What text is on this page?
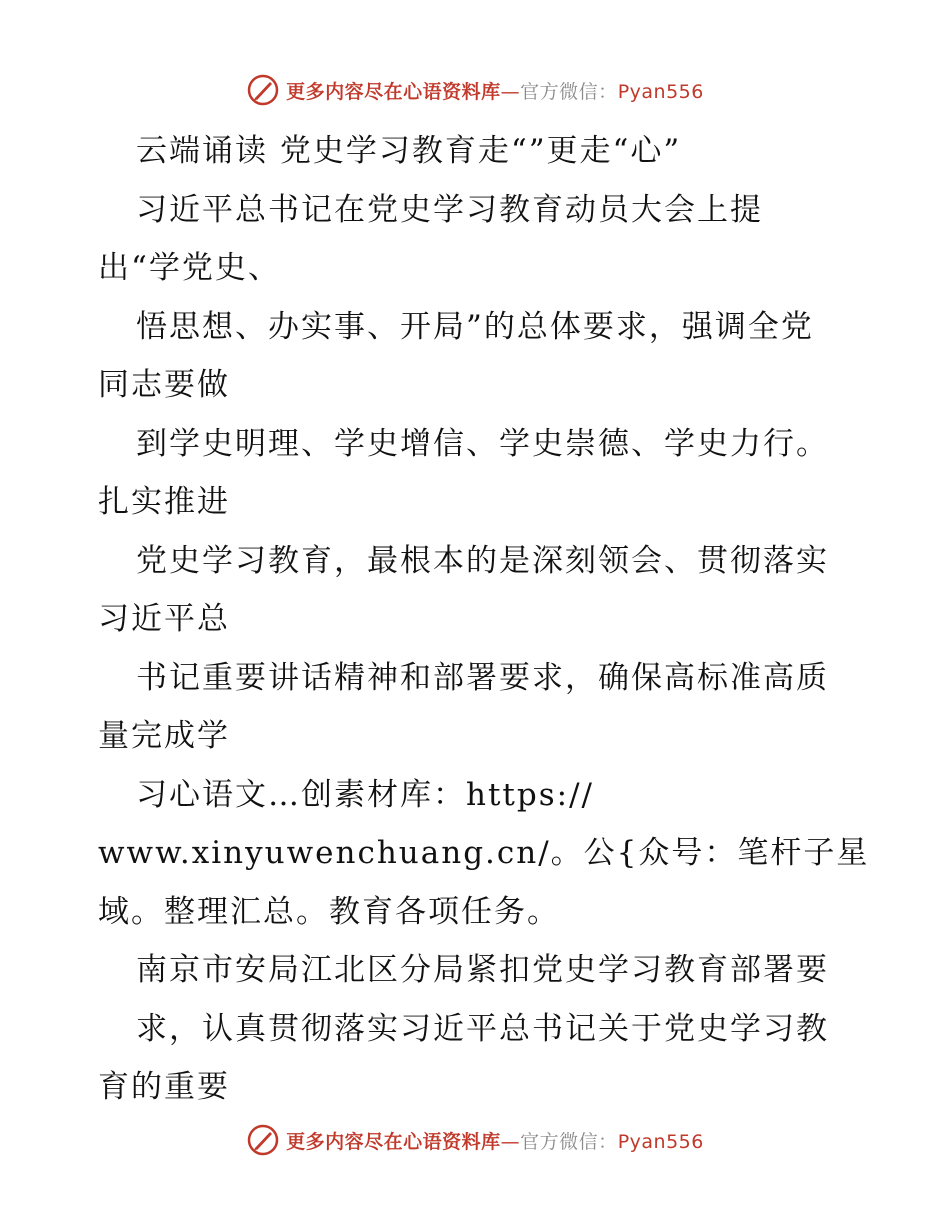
更多内容尽在心语资料库—官方微信：Pyan556
云端诵读 党史学习教育走“”更走“心”
习近平总书记在党史学习教育动员大会上提
出“学党史、
悟思想、办实事、开局”的总体要求，强调全党
同志要做
到学史明理、学史增信、学史崇德、学史力行。
扎实推进
党史学习教育，最根本的是深刻领会、贯彻落实
习近平总
书记重要讲话精神和部署要求，确保高标准高质
量完成学
习心语文…创素材库：https://
www.xinyuwenchuang.cn/。公{众号：笔杆子星
域。整理汇总。教育各项任务。
南京市安局江北区分局紧扣党史学习教育部署要
求，认真贯彻落实习近平总书记关于党史学习教
育的重要
更多内容尽在心语资料库—官方微信：Pyan556
